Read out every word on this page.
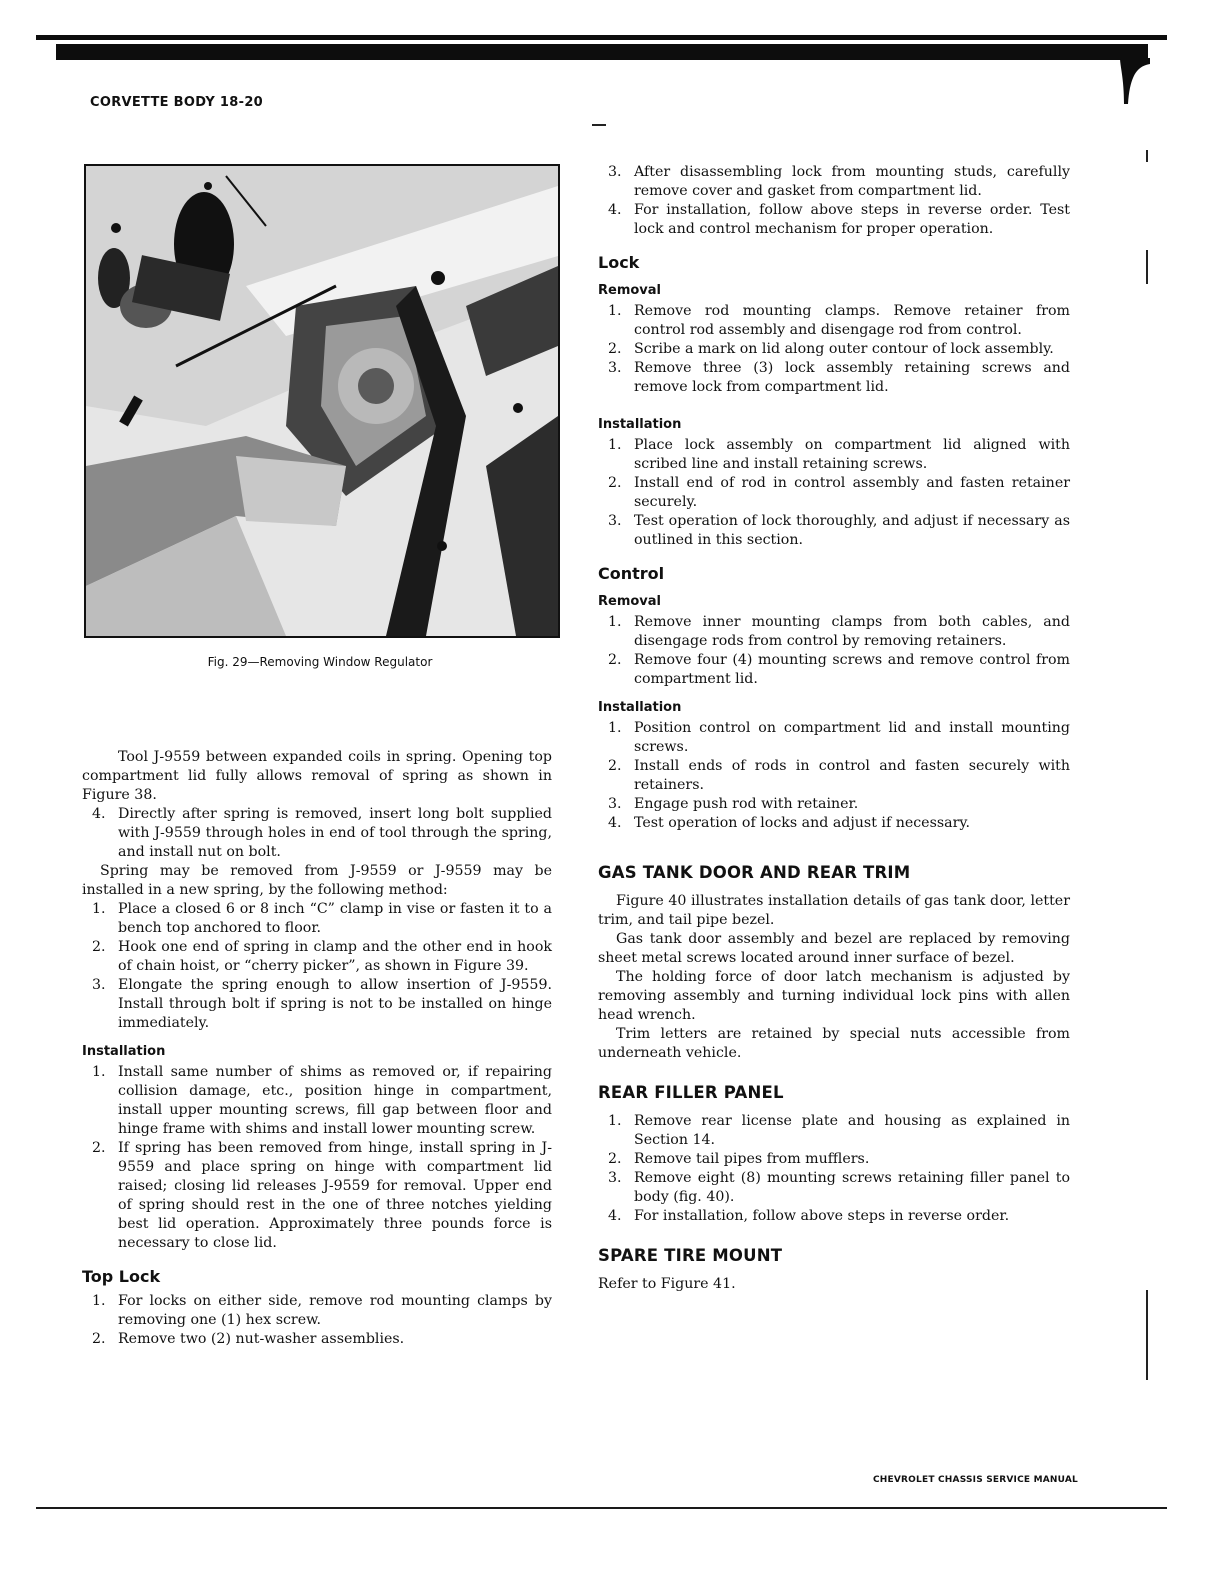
CORVETTE BODY 18-20
Fig. 29—Removing Window Regulator

Tool J-9559 between expanded coils in spring. Opening top compartment lid fully allows removal of spring as shown in Figure 38.

4. Directly after spring is removed, insert long bolt supplied with J-9559 through holes in end of tool through the spring, and install nut on bolt.

Spring may be removed from J-9559 or J-9559 may be installed in a new spring, by the following method:

1. Place a closed 6 or 8 inch “C” clamp in vise or fasten it to a bench top anchored to floor.
2. Hook one end of spring in clamp and the other end in hook of chain hoist, or “cherry picker”, as shown in Figure 39.
3. Elongate the spring enough to allow insertion of J-9559. Install through bolt if spring is not to be installed on hinge immediately.
Installation
1. Install same number of shims as removed or, if repairing collision damage, etc., position hinge in compartment, install upper mounting screws, fill gap between floor and hinge frame with shims and install lower mounting screw.
2. If spring has been removed from hinge, install spring in J-9559 and place spring on hinge with compartment lid raised; closing lid releases J-9559 for removal. Upper end of spring should rest in the one of three notches yielding best lid operation. Approximately three pounds force is necessary to close lid.
Top Lock
1. For locks on either side, remove rod mounting clamps by removing one (1) hex screw.
2. Remove two (2) nut-washer assemblies.
3. After disassembling lock from mounting studs, carefully remove cover and gasket from compartment lid.
4. For installation, follow above steps in reverse order. Test lock and control mechanism for proper operation.
Lock
Removal
1. Remove rod mounting clamps. Remove retainer from control rod assembly and disengage rod from control.
2. Scribe a mark on lid along outer contour of lock assembly.
3. Remove three (3) lock assembly retaining screws and remove lock from compartment lid.
Installation
1. Place lock assembly on compartment lid aligned with scribed line and install retaining screws.
2. Install end of rod in control assembly and fasten retainer securely.
3. Test operation of lock thoroughly, and adjust if necessary as outlined in this section.
Control
Removal
1. Remove inner mounting clamps from both cables, and disengage rods from control by removing retainers.
2. Remove four (4) mounting screws and remove control from compartment lid.
Installation
1. Position control on compartment lid and install mounting screws.
2. Install ends of rods in control and fasten securely with retainers.
3. Engage push rod with retainer.
4. Test operation of locks and adjust if necessary.
GAS TANK DOOR AND REAR TRIM

Figure 40 illustrates installation details of gas tank door, letter trim, and tail pipe bezel.

Gas tank door assembly and bezel are replaced by removing sheet metal screws located around inner surface of bezel.

The holding force of door latch mechanism is adjusted by removing assembly and turning individual lock pins with allen head wrench.

Trim letters are retained by special nuts accessible from underneath vehicle.

REAR FILLER PANEL
1. Remove rear license plate and housing as explained in Section 14.
2. Remove tail pipes from mufflers.
3. Remove eight (8) mounting screws retaining filler panel to body (fig. 40).
4. For installation, follow above steps in reverse order.
SPARE TIRE MOUNT

Refer to Figure 41.

CHEVROLET CHASSIS SERVICE MANUAL
